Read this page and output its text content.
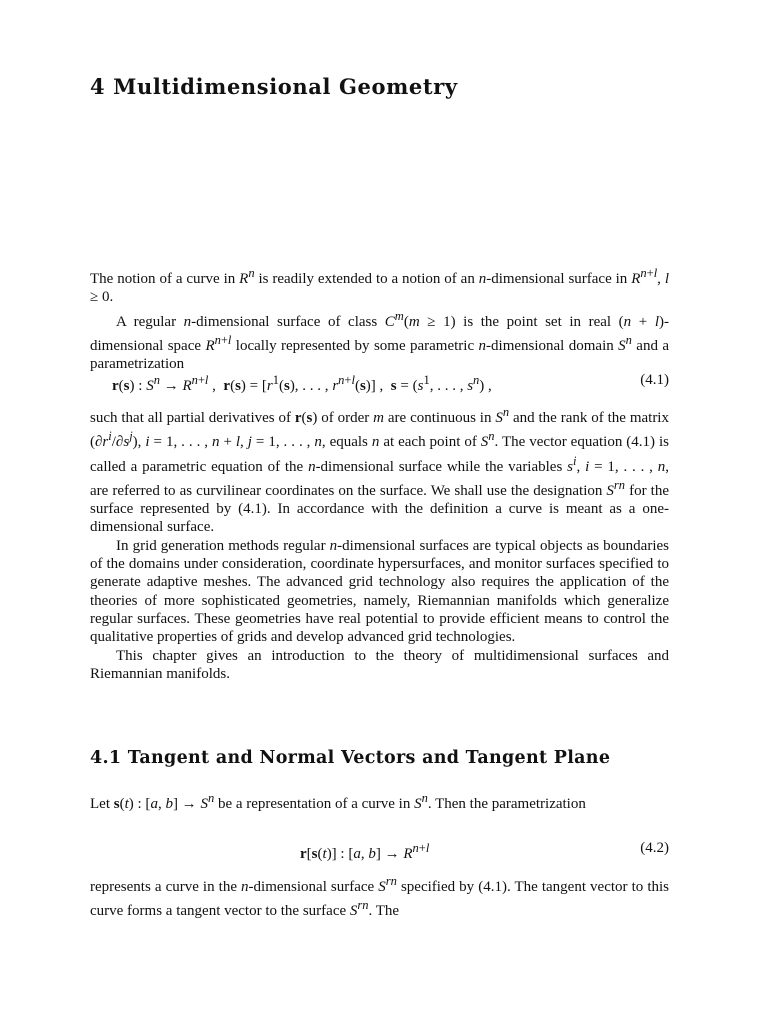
4 Multidimensional Geometry

The notion of a curve in $R^n$ is readily extended to a notion of an n-dimensional surface in $R^{n+l}$, l ≥ 0.

A regular n-dimensional surface of class $C^m(m \ge 1)$ is the point set in real (n + l)-dimensional space $R^{n+l}$ locally represented by some parametric n-dimensional domain $S^n$ and a parametrization

r(s) : $S^n \to R^{n+l}$ ,  $r(s) = [r^1(s)$, . . . , $r^{n+l}(s)$] ,  $s = (s^1$, . . . , $s^n$) ,	(4.1)

such that all partial derivatives of r(s) of order m are continuous in $S^n$ and the rank of the matrix $(\partial r^i/\partial s^j)$, i = 1, . . . , n + l, j = 1, . . . , n, equals n at each point of $S^n$. The vector equation (4.1) is called a parametric equation of the n-dimensional surface while the variables $s^i$, i = 1, . . . , n, are referred to as curvilinear coordinates on the surface. We shall use the designation $S^{rn}$ for the surface represented by (4.1). In accordance with the definition a curve is meant as a one-dimensional surface.

In grid generation methods regular n-dimensional surfaces are typical objects as boundaries of the domains under consideration, coordinate hypersurfaces, and monitor surfaces specified to generate adaptive meshes. The advanced grid technology also requires the application of the theories of more sophisticated geometries, namely, Riemannian manifolds which generalize regular surfaces. These geometries have real potential to provide efficient means to control the qualitative properties of grids and develop advanced grid technologies.

This chapter gives an introduction to the theory of multidimensional surfaces and Riemannian manifolds.

4.1 Tangent and Normal Vectors and Tangent Plane

Let s(t) : [a, $b] \to S^n$ be a representation of a curve in $S^n$. Then the parametrization

r[s(t)] : [a, $b] \to R^{n+l}$	(4.2)

represents a curve in the n-dimensional surface $S^{rn}$ specified by (4.1). The tangent vector to this curve forms a tangent vector to the surface $S^{rn}$. The
